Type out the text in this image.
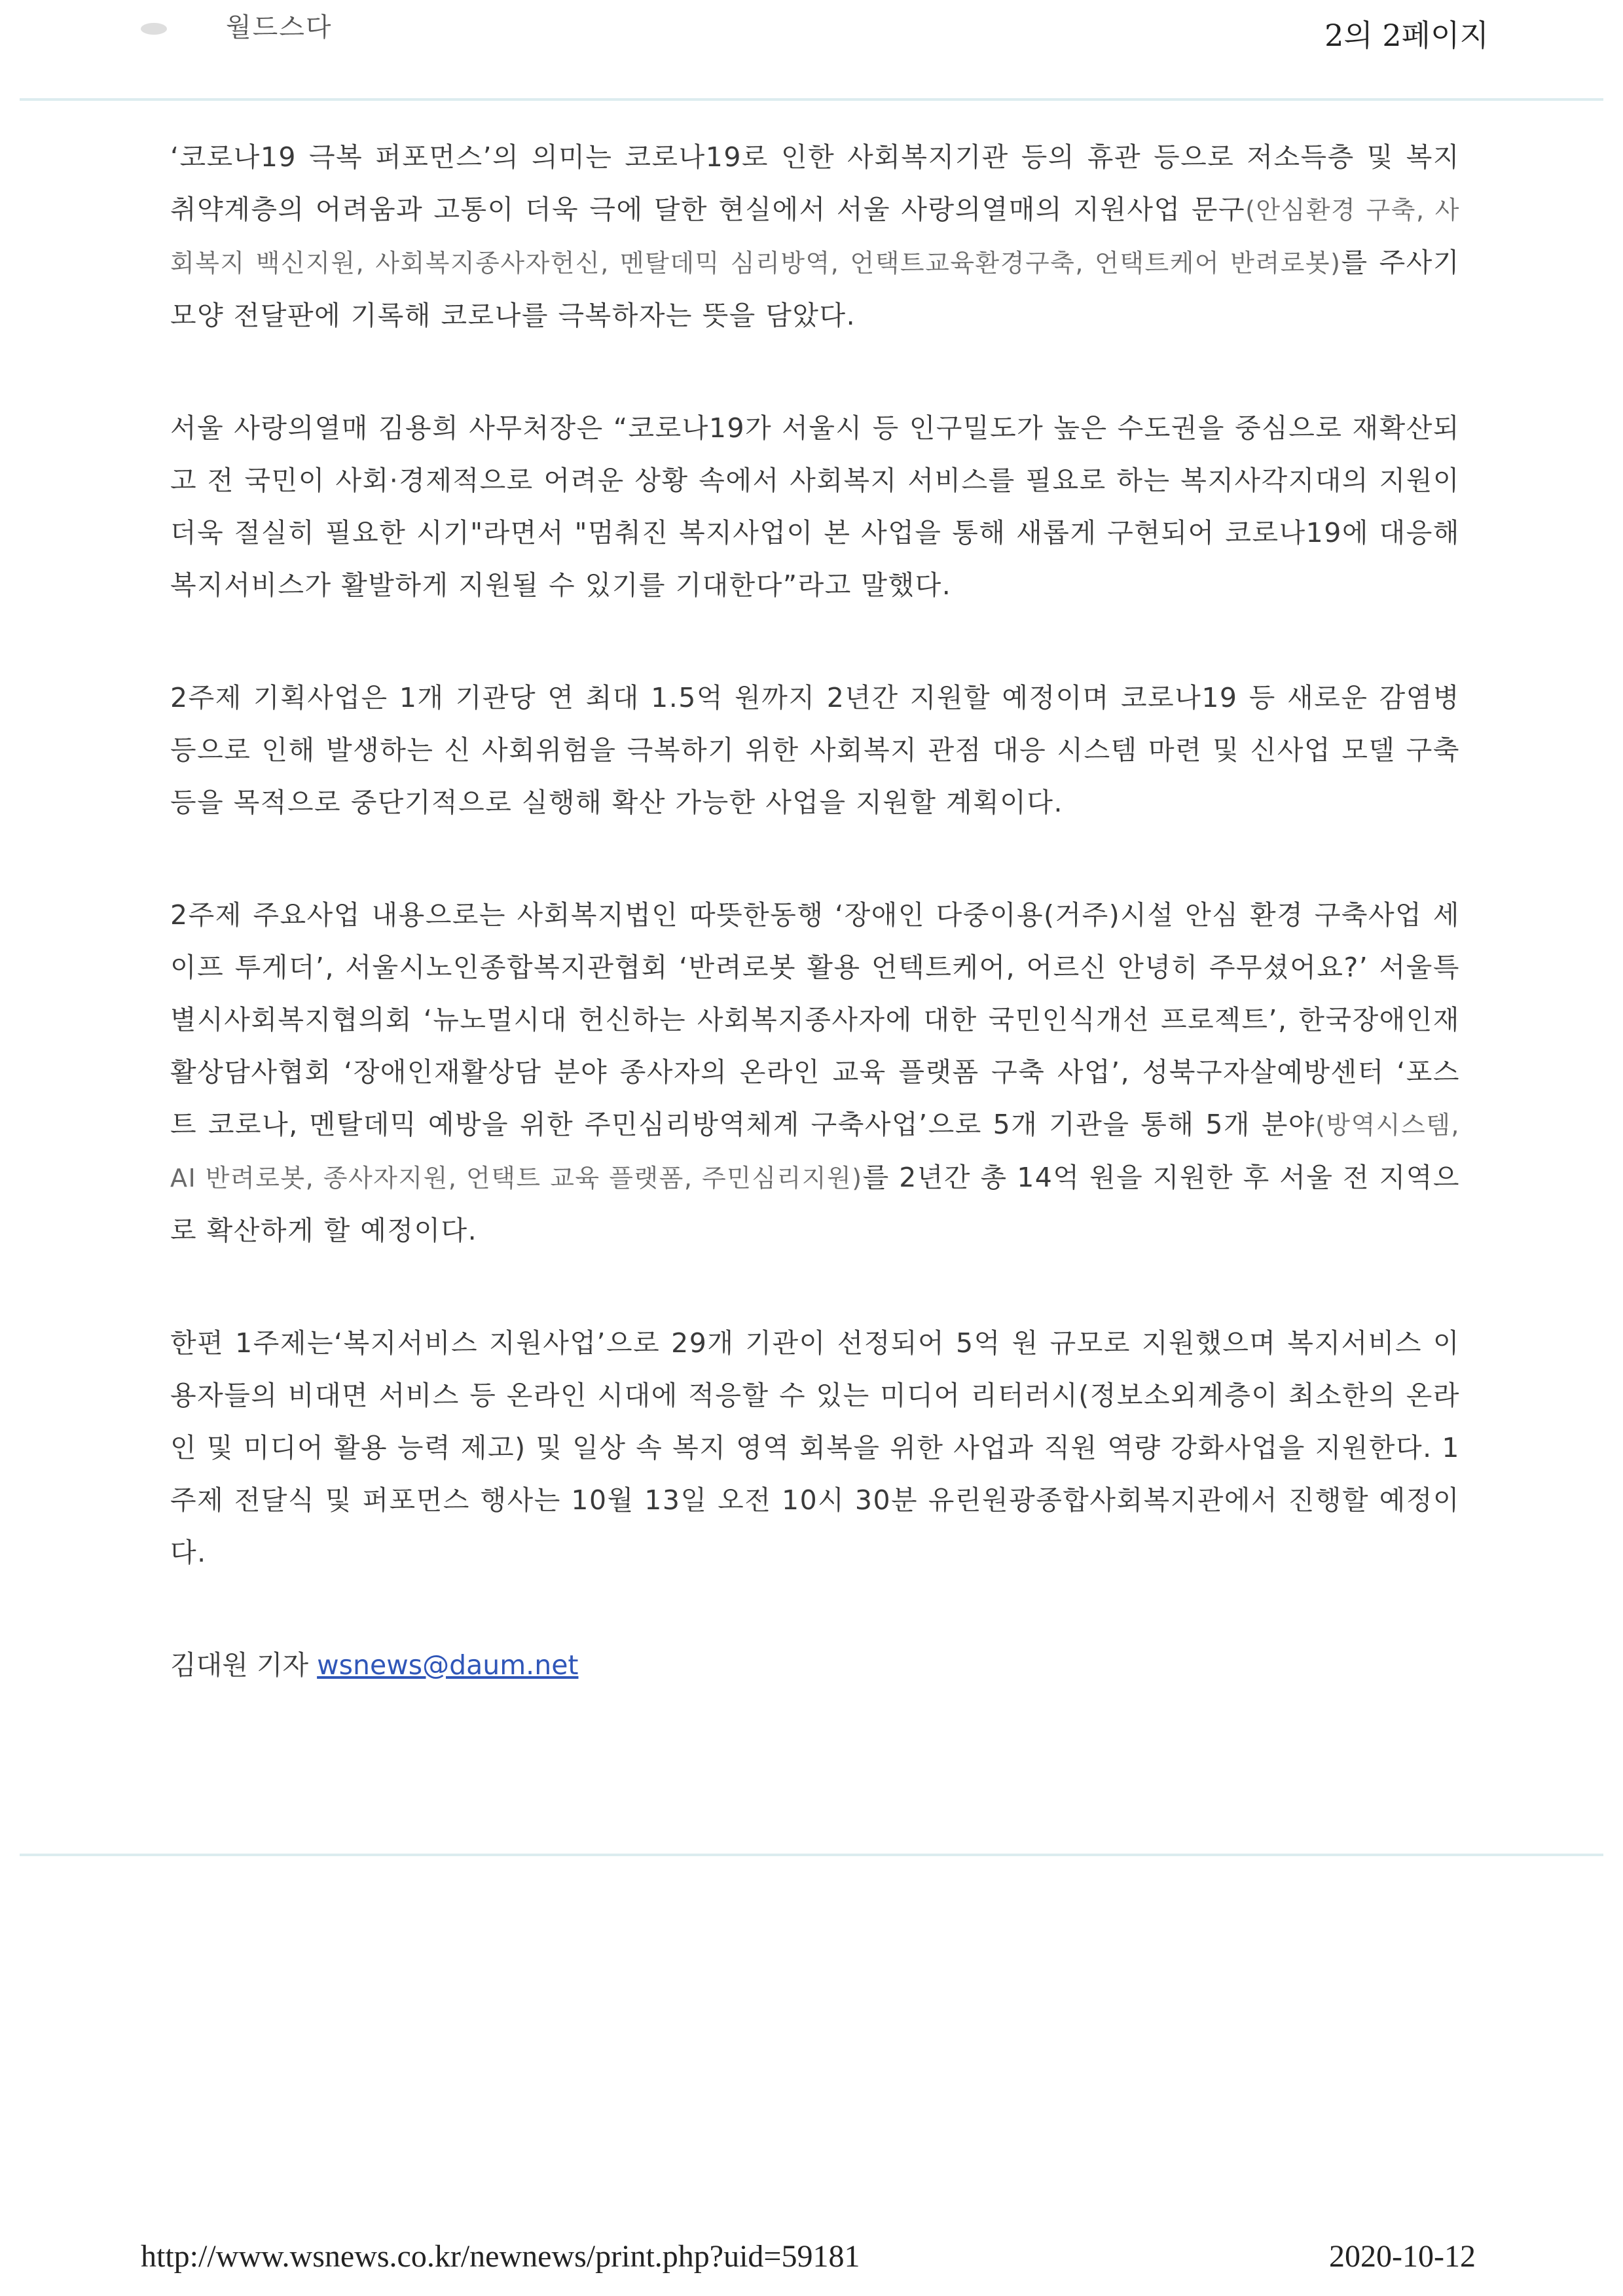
월드스다	2의 2페이지

‘코로나19 극복 퍼포먼스’의 의미는 코로나19로 인한 사회복지기관 등의 휴관 등으로 저소득층 및 복지 취약계층의 어려움과 고통이 더욱 극에 달한 현실에서 서울 사랑의열매의 지원사업 문구(안심환경 구축, 사회복지 백신지원, 사회복지종사자헌신, 멘탈데믹 심리방역, 언택트교육환경구축, 언택트케어 반려로봇)를 주사기 모양 전달판에 기록해 코로나를 극복하자는 뜻을 담았다.

서울 사랑의열매 김용희 사무처장은 “코로나19가 서울시 등 인구밀도가 높은 수도권을 중심으로 재확산되고 전 국민이 사회·경제적으로 어려운 상황 속에서 사회복지 서비스를 필요로 하는 복지사각지대의 지원이 더욱 절실히 필요한 시기"라면서 "멈춰진 복지사업이 본 사업을 통해 새롭게 구현되어 코로나19에 대응해 복지서비스가 활발하게 지원될 수 있기를 기대한다”라고 말했다.

2주제 기획사업은 1개 기관당 연 최대 1.5억 원까지 2년간 지원할 예정이며 코로나19 등 새로운 감염병 등으로 인해 발생하는 신 사회위험을 극복하기 위한 사회복지 관점 대응 시스템 마련 및 신사업 모델 구축 등을 목적으로 중단기적으로 실행해 확산 가능한 사업을 지원할 계획이다.

2주제 주요사업 내용으로는 사회복지법인 따뜻한동행 ‘장애인 다중이용(거주)시설 안심 환경 구축사업 세이프 투게더’, 서울시노인종합복지관협회 ‘반려로봇 활용 언텍트케어, 어르신 안녕히 주무셨어요?’ 서울특별시사회복지협의회 ‘뉴노멀시대 헌신하는 사회복지종사자에 대한 국민인식개선 프로젝트’, 한국장애인재활상담사협회 ‘장애인재활상담 분야 종사자의 온라인 교육 플랫폼 구축 사업’, 성북구자살예방센터 ‘포스트 코로나, 멘탈데믹 예방을 위한 주민심리방역체계 구축사업’으로 5개 기관을 통해 5개 분야(방역시스템, AI 반려로봇, 종사자지원, 언택트 교육 플랫폼, 주민심리지원)를 2년간 총 14억 원을 지원한 후 서울 전 지역으로 확산하게 할 예정이다.

한편 1주제는‘복지서비스 지원사업’으로 29개 기관이 선정되어 5억 원 규모로 지원했으며 복지서비스 이용자들의 비대면 서비스 등 온라인 시대에 적응할 수 있는 미디어 리터러시(정보소외계층이 최소한의 온라인 및 미디어 활용 능력 제고) 및 일상 속 복지 영역 회복을 위한 사업과 직원 역량 강화사업을 지원한다. 1주제 전달식 및 퍼포먼스 행사는 10월 13일 오전 10시 30분 유린원광종합사회복지관에서 진행할 예정이다.

김대원 기자 wsnews@daum.net

http://www.wsnews.co.kr/newnews/print.php?uid=59181	2020-10-12
